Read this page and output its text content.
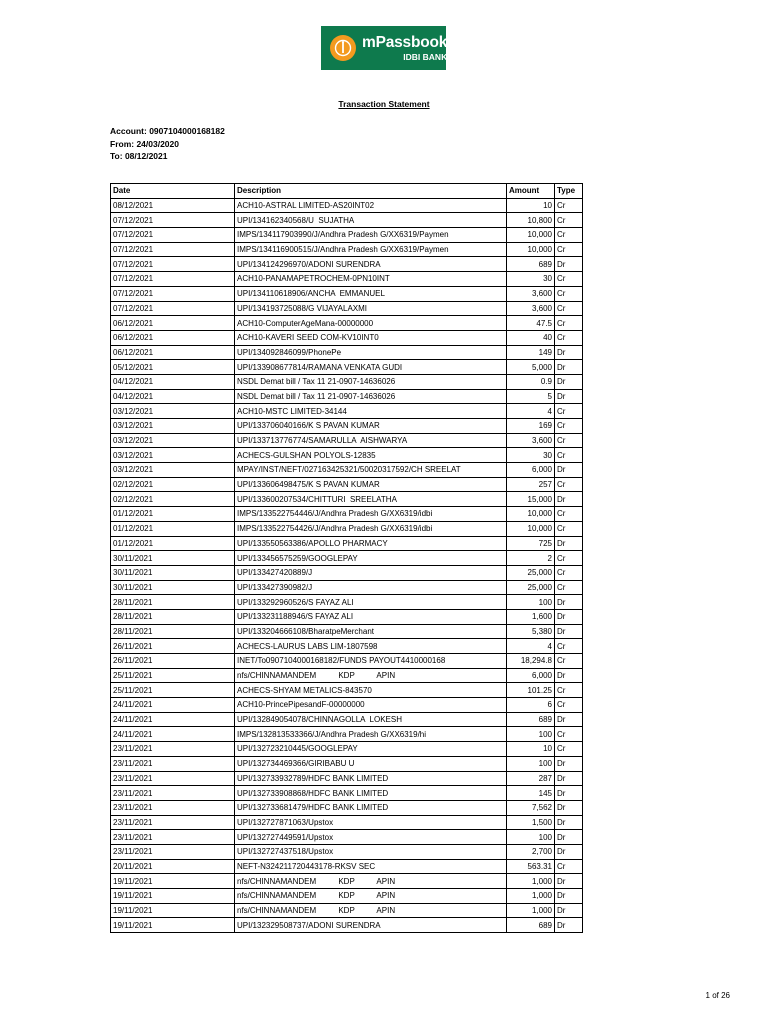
mPassbook
IDBI BANK
Transaction Statement
Account: 0907104000168182
From: 24/03/2020
To: 08/12/2021
Date	Description	Amount	Type
08/12/2021	ACH10-ASTRAL LIMITED-AS20INT02	10	Cr
07/12/2021	UPI/134162340568/U  SUJATHA	10,800	Cr
07/12/2021	IMPS/134117903990/J/Andhra Pradesh G/XX6319/Paymen	10,000	Cr
07/12/2021	IMPS/134116900515/J/Andhra Pradesh G/XX6319/Paymen	10,000	Cr
07/12/2021	UPI/134124296970/ADONI SURENDRA	689	Dr
07/12/2021	ACH10-PANAMAPETROCHEM-0PN10INT	30	Cr
07/12/2021	UPI/134110618906/ANCHA  EMMANUEL	3,600	Cr
07/12/2021	UPI/134193725088/G VIJAYALAXMI	3,600	Cr
06/12/2021	ACH10-ComputerAgeMana-00000000	47.5	Cr
06/12/2021	ACH10-KAVERI SEED COM-KV10INT0	40	Cr
06/12/2021	UPI/134092846099/PhonePe	149	Dr
05/12/2021	UPI/133908677814/RAMANA VENKATA GUDI	5,000	Dr
04/12/2021	NSDL Demat bill / Tax 11 21-0907-14636026	0.9	Dr
04/12/2021	NSDL Demat bill / Tax 11 21-0907-14636026	5	Dr
03/12/2021	ACH10-MSTC LIMITED-34144	4	Cr
03/12/2021	UPI/133706040166/K S PAVAN KUMAR	169	Cr
03/12/2021	UPI/133713776774/SAMARULLA  AISHWARYA	3,600	Cr
03/12/2021	ACHECS-GULSHAN POLYOLS-12835	30	Cr
03/12/2021	MPAY/INST/NEFT/027163425321/50020317592/CH SREELAT	6,000	Dr
02/12/2021	UPI/133606498475/K S PAVAN KUMAR	257	Cr
02/12/2021	UPI/133600207534/CHITTURI  SREELATHA	15,000	Dr
01/12/2021	IMPS/133522754446/J/Andhra Pradesh G/XX6319/idbi	10,000	Cr
01/12/2021	IMPS/133522754426/J/Andhra Pradesh G/XX6319/idbi	10,000	Cr
01/12/2021	UPI/133550563386/APOLLO PHARMACY	725	Dr
30/11/2021	UPI/133456575259/GOOGLEPAY	2	Cr
30/11/2021	UPI/133427420889/J	25,000	Cr
30/11/2021	UPI/133427390982/J	25,000	Cr
28/11/2021	UPI/133292960526/S FAYAZ ALI	100	Dr
28/11/2021	UPI/133231188946/S FAYAZ ALI	1,600	Dr
28/11/2021	UPI/133204666108/BharatpeMerchant	5,380	Dr
26/11/2021	ACHECS-LAURUS LABS LIM-1807598	4	Cr
26/11/2021	INET/To0907104000168182/FUNDS PAYOUT4410000168	18,294.8	Cr
25/11/2021	nfs/CHINNAMANDEM          KDP          APIN	6,000	Dr
25/11/2021	ACHECS-SHYAM METALICS-843570	101.25	Cr
24/11/2021	ACH10-PrincePipesandF-00000000	6	Cr
24/11/2021	UPI/132849054078/CHINNAGOLLA  LOKESH	689	Dr
24/11/2021	IMPS/132813533366/J/Andhra Pradesh G/XX6319/hi	100	Cr
23/11/2021	UPI/132723210445/GOOGLEPAY	10	Cr
23/11/2021	UPI/132734469366/GIRIBABU U	100	Dr
23/11/2021	UPI/132733932789/HDFC BANK LIMITED	287	Dr
23/11/2021	UPI/132733908868/HDFC BANK LIMITED	145	Dr
23/11/2021	UPI/132733681479/HDFC BANK LIMITED	7,562	Dr
23/11/2021	UPI/132727871063/Upstox	1,500	Dr
23/11/2021	UPI/132727449591/Upstox	100	Dr
23/11/2021	UPI/132727437518/Upstox	2,700	Dr
20/11/2021	NEFT-N324211720443178-RKSV SEC	563.31	Cr
19/11/2021	nfs/CHINNAMANDEM          KDP          APIN	1,000	Dr
19/11/2021	nfs/CHINNAMANDEM          KDP          APIN	1,000	Dr
19/11/2021	nfs/CHINNAMANDEM          KDP          APIN	1,000	Dr
19/11/2021	UPI/132329508737/ADONI SURENDRA	689	Dr
1 of 26
